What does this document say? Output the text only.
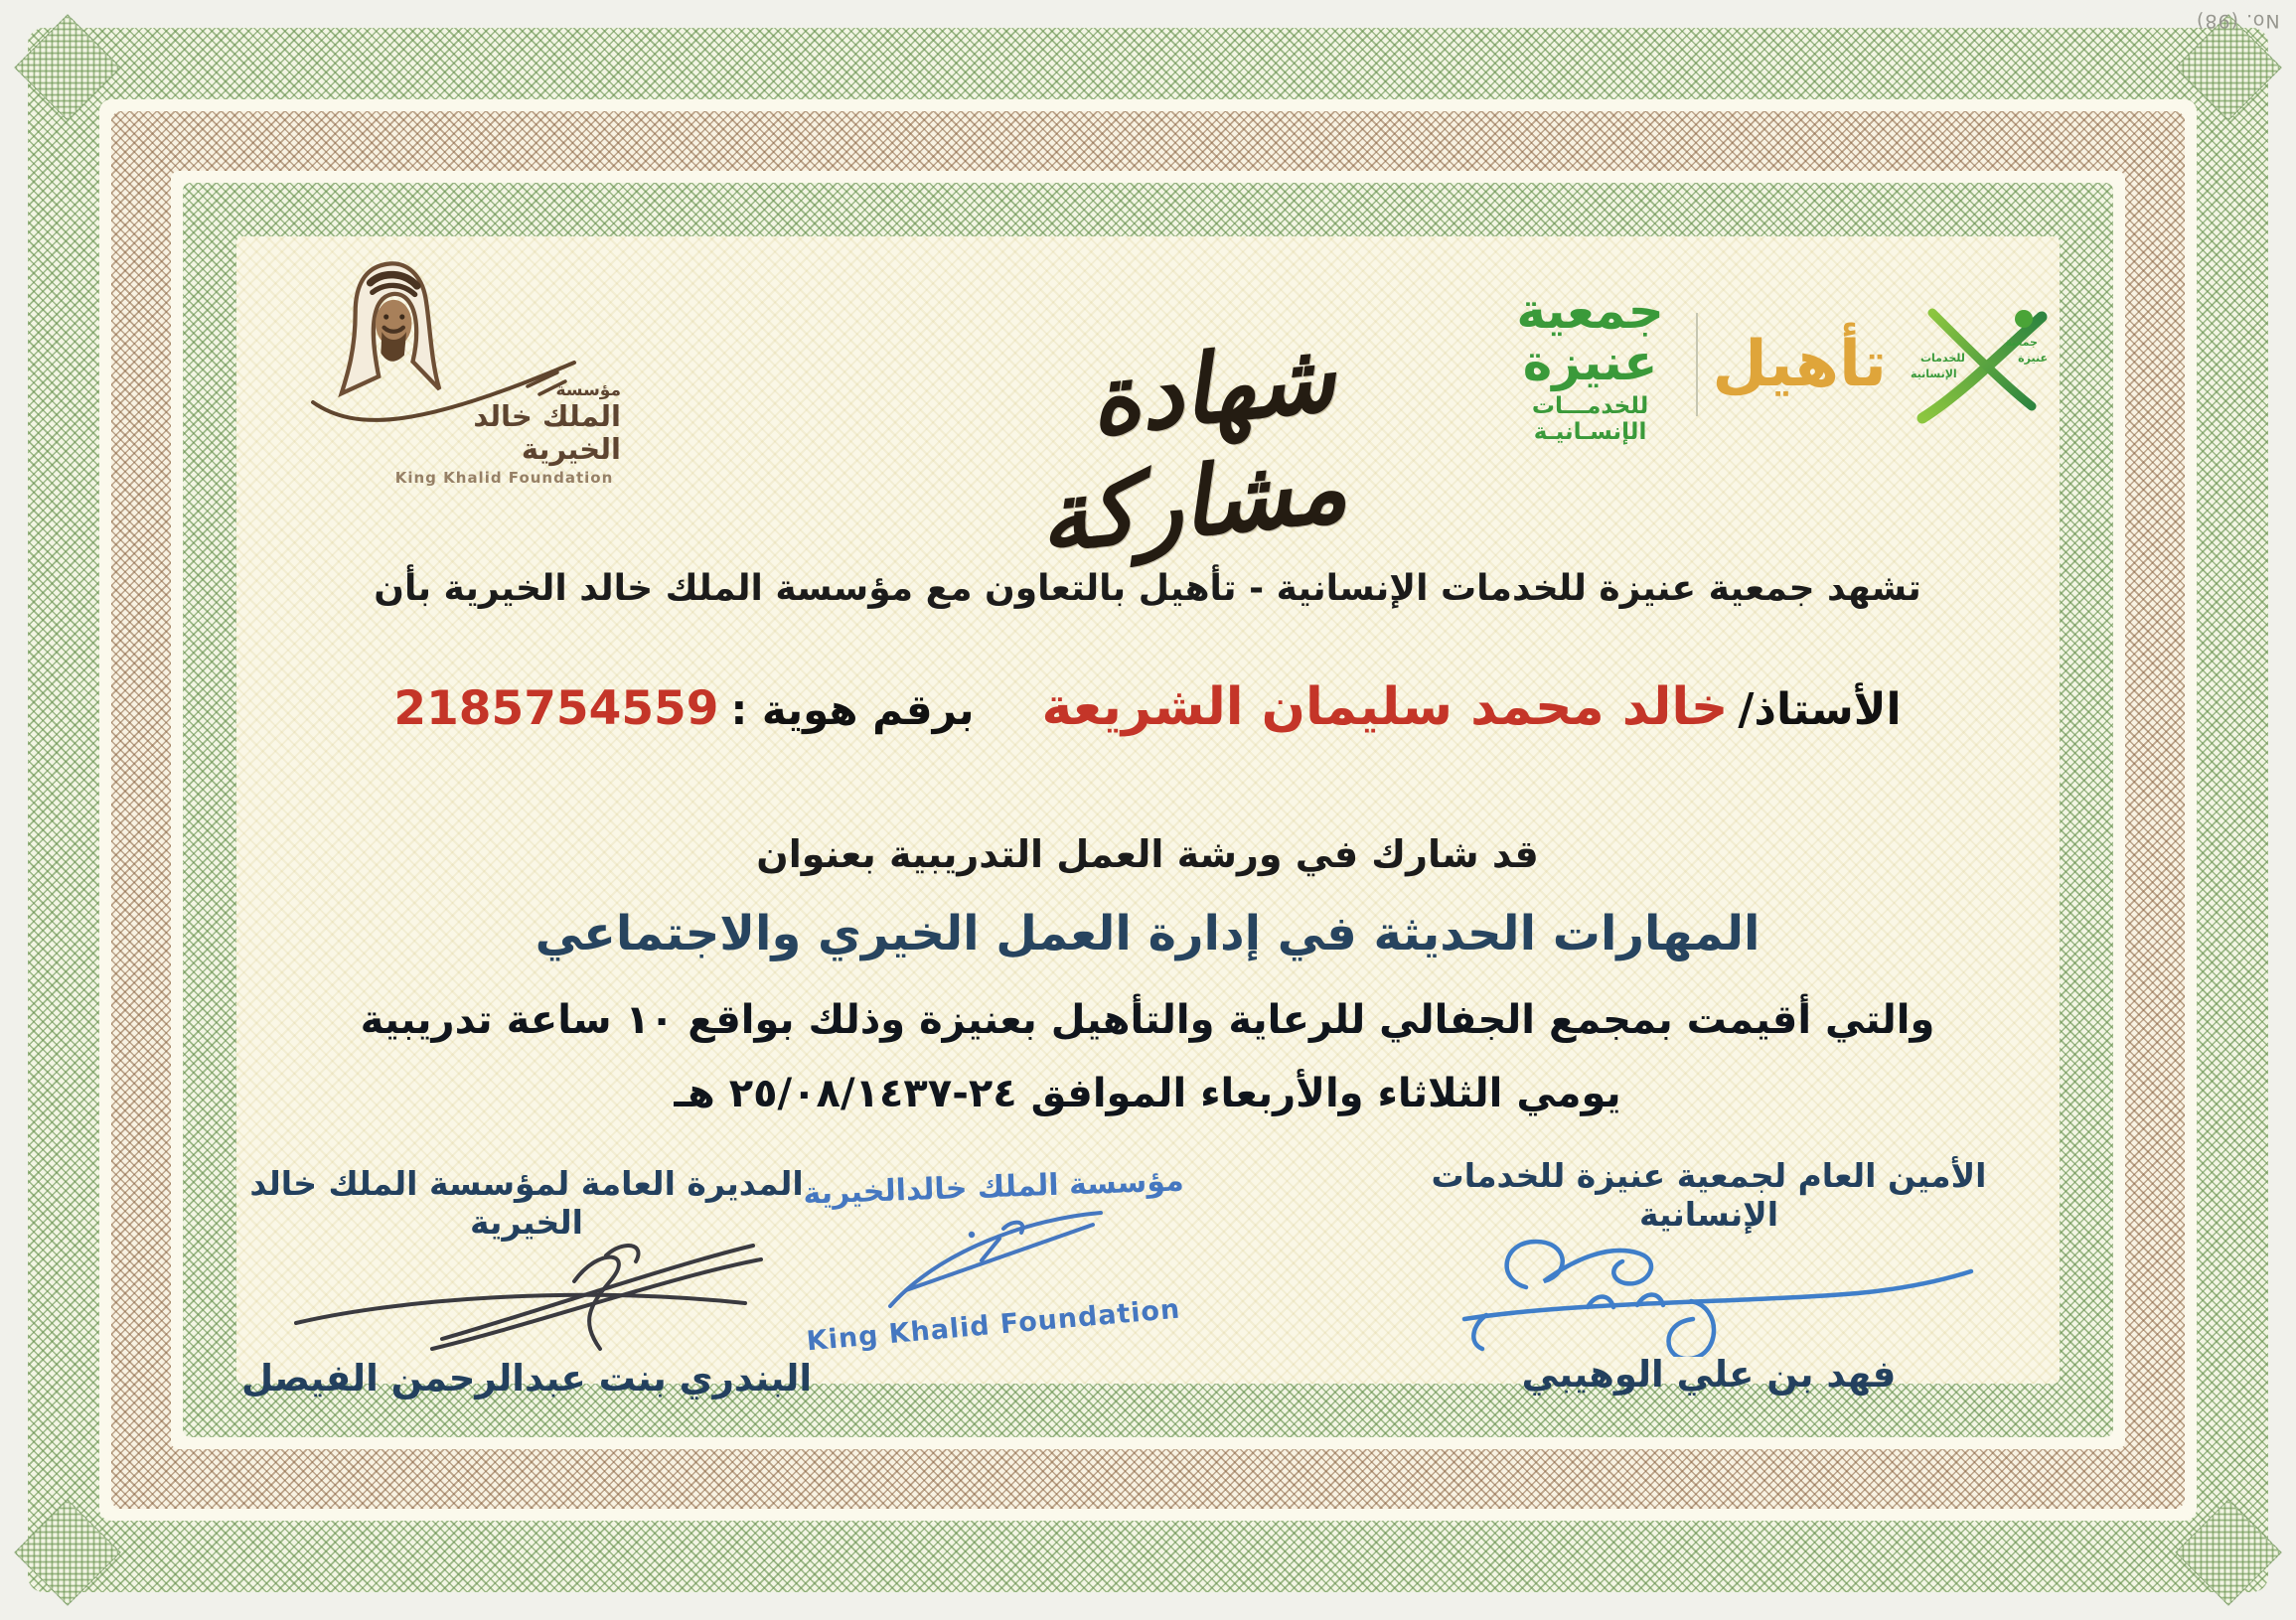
No. (98)
مؤسسة
الملك خالد الخيرية
King Khalid Foundation
جمعية عنيزة
للخدمـــات الإنسـانيـة
تأهيل	جمعية
عنيزة
للخدمات
الإنسانية
شهادة مشاركة
تشهد جمعية عنيزة للخدمات الإنسانية - تأهيل بالتعاون مع مؤسسة الملك خالد الخيرية بأن
الأستاذ/
خالد محمد سليمان الشريعة
برقم هوية :
2185754559
قد شارك في ورشة العمل التدريبية بعنوان
المهارات الحديثة في إدارة العمل الخيري والاجتماعي
والتي أقيمت بمجمع الجفالي للرعاية والتأهيل بعنيزة وذلك بواقع ١٠ ساعة تدريبية
يومي الثلاثاء والأربعاء الموافق ٢٤-٢٥/٠٨/١٤٣٧ هـ
المديرة العامة لمؤسسة الملك خالد الخيرية
البندري بنت عبدالرحمن الفيصل
مؤسسة الملك خالدالخيرية
King Khalid Foundation
الأمين العام لجمعية عنيزة للخدمات الإنسانية
فهد بن علي الوهيبي
